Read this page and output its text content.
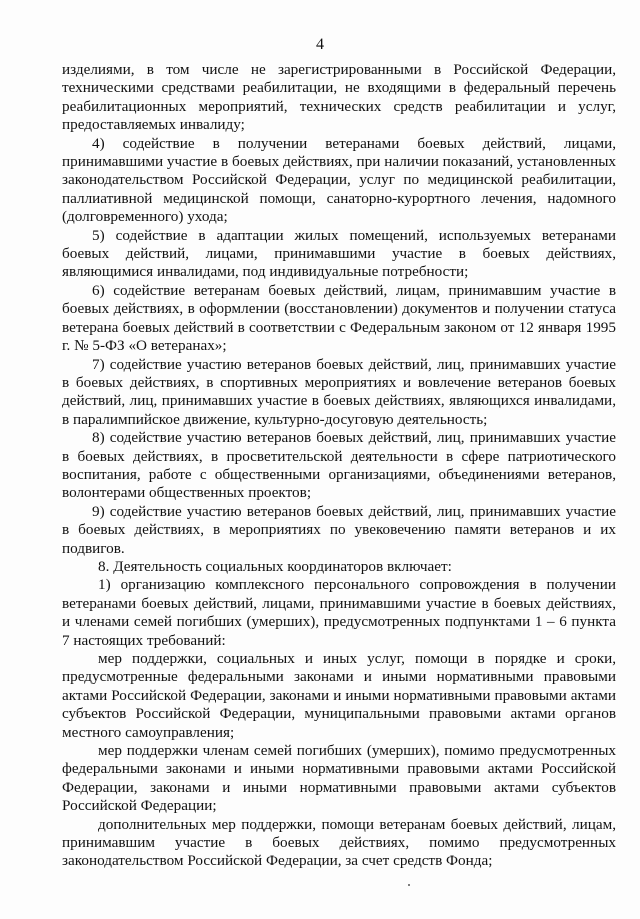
4

изделиями, в том числе не зарегистрированными в Российской Федерации, техническими средствами реабилитации, не входящими в федеральный перечень реабилитационных мероприятий, технических средств реабилитации и услуг, предоставляемых инвалиду;

4) содействие в получении ветеранами боевых действий, лицами, принимавшими участие в боевых действиях, при наличии показаний, установленных законодательством Российской Федерации, услуг по медицинской реабилитации, паллиативной медицинской помощи, санаторно-курортного лечения, надомного (долговременного) ухода;

5) содействие в адаптации жилых помещений, используемых ветеранами боевых действий, лицами, принимавшими участие в боевых действиях, являющимися инвалидами, под индивидуальные потребности;

6) содействие ветеранам боевых действий, лицам, принимавшим участие в боевых действиях, в оформлении (восстановлении) документов и получении статуса ветерана боевых действий в соответствии с Федеральным законом от 12 января 1995 г. № 5-ФЗ «О ветеранах»;

7) содействие участию ветеранов боевых действий, лиц, принимавших участие в боевых действиях, в спортивных мероприятиях и вовлечение ветеранов боевых действий, лиц, принимавших участие в боевых действиях, являющихся инвалидами, в паралимпийское движение, культурно-досуговую деятельность;

8) содействие участию ветеранов боевых действий, лиц, принимавших участие в боевых действиях, в просветительской деятельности в сфере патриотического воспитания, работе с общественными организациями, объединениями ветеранов, волонтерами общественных проектов;

9) содействие участию ветеранов боевых действий, лиц, принимавших участие в боевых действиях, в мероприятиях по увековечению памяти ветеранов и их подвигов.

8. Деятельность социальных координаторов включает:

1) организацию комплексного персонального сопровождения в получении ветеранами боевых действий, лицами, принимавшими участие в боевых действиях, и членами семей погибших (умерших), предусмотренных подпунктами 1 – 6 пункта 7 настоящих требований:

мер поддержки, социальных и иных услуг, помощи в порядке и сроки, предусмотренные федеральными законами и иными нормативными правовыми актами Российской Федерации, законами и иными нормативными правовыми актами субъектов Российской Федерации, муниципальными правовыми актами органов местного самоуправления;

мер поддержки членам семей погибших (умерших), помимо предусмотренных федеральными законами и иными нормативными правовыми актами Российской Федерации, законами и иными нормативными правовыми актами субъектов Российской Федерации;

дополнительных мер поддержки, помощи ветеранам боевых действий, лицам, принимавшим участие в боевых действиях, помимо предусмотренных законодательством Российской Федерации, за счет средств Фонда;
